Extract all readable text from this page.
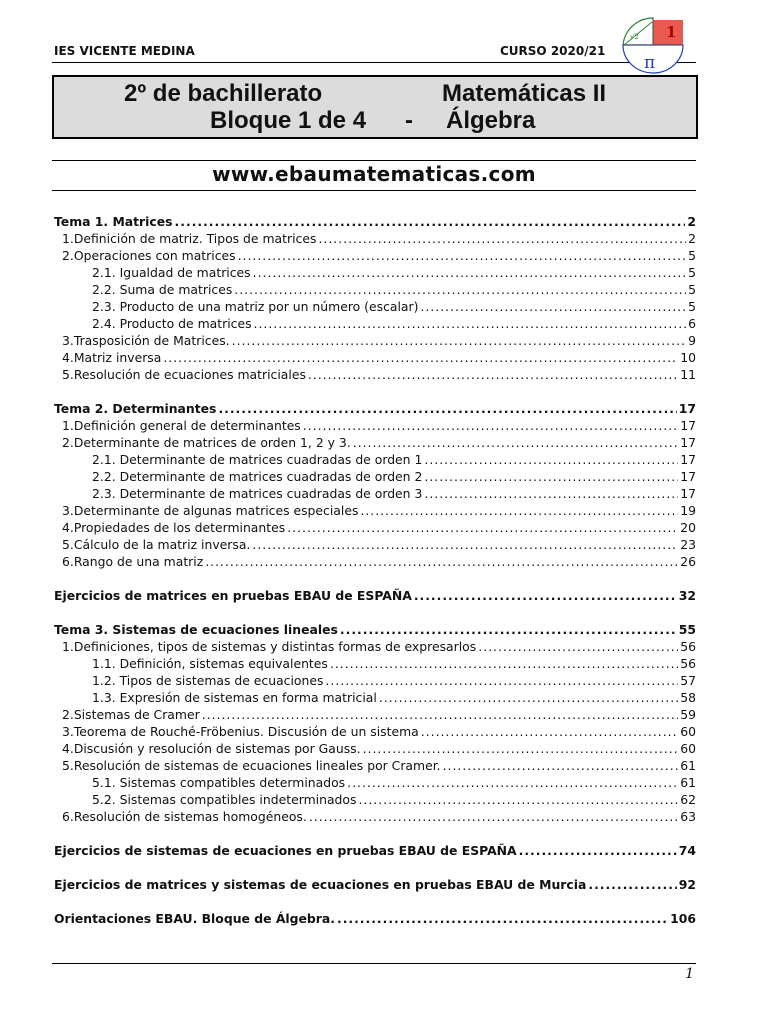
IES VICENTE MEDINA	CURSO 2020/21
√2 1
π
2º de bachillerato	Matemáticas II
Bloque 1 de 4 - Álgebra
www.ebaumatematicas.com
Tema 1. Matrices .....	2
1.Definición de matriz. Tipos de matrices .....	2
2.Operaciones con matrices .....	5
2.1. Igualdad de matrices .....	5
2.2. Suma de matrices .....	5
2.3. Producto de una matriz por un número (escalar) .....	5
2.4. Producto de matrices .....	6
3.Trasposición de Matrices. .....	9
4.Matriz inversa .....	10
5.Resolución de ecuaciones matriciales .....	11
Tema 2. Determinantes .....	17
1.Definición general de determinantes .....	17
2.Determinante de matrices de orden 1, 2 y 3. .....	17
2.1. Determinante de matrices cuadradas de orden 1 .....	17
2.2. Determinante de matrices cuadradas de orden 2 .....	17
2.3. Determinante de matrices cuadradas de orden 3 .....	17
3.Determinante de algunas matrices especiales .....	19
4.Propiedades de los determinantes .....	20
5.Cálculo de la matriz inversa. .....	23
6.Rango de una matriz .....	26
Ejercicios de matrices en pruebas EBAU de ESPAÑA .....	32
Tema 3. Sistemas de ecuaciones lineales .....	55
1.Definiciones, tipos de sistemas y distintas formas de expresarlos .....	56
1.1. Definición, sistemas equivalentes .....	56
1.2. Tipos de sistemas de ecuaciones .....	57
1.3. Expresión de sistemas en forma matricial .....	58
2.Sistemas de Cramer .....	59
3.Teorema de Rouché-Fröbenius. Discusión de un sistema .....	60
4.Discusión y resolución de sistemas por Gauss. .....	60
5.Resolución de sistemas de ecuaciones lineales por Cramer. .....	61
5.1. Sistemas compatibles determinados .....	61
5.2. Sistemas compatibles indeterminados .....	62
6.Resolución de sistemas homogéneos. .....	63
Ejercicios de sistemas de ecuaciones en pruebas EBAU de ESPAÑA .....	74
Ejercicios de matrices y sistemas de ecuaciones en pruebas EBAU de Murcia .....	92
Orientaciones EBAU. Bloque de Álgebra. .....	106
1
